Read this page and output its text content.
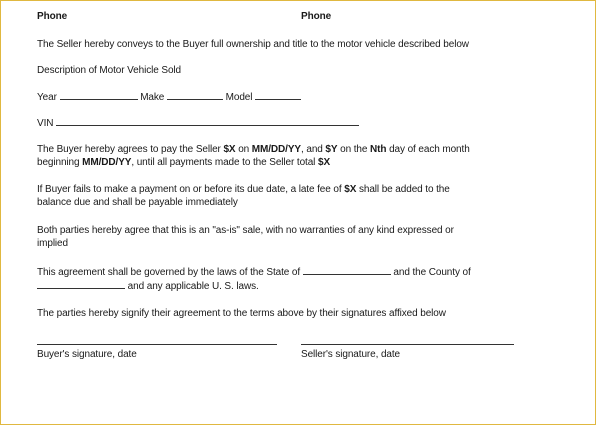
Phone	Phone
The Seller hereby conveys to the Buyer full ownership and title to the motor vehicle described below
Description of Motor Vehicle Sold
Year	Make	Model
VIN
The Buyer hereby agrees to pay the Seller $X on MM/DD/YY, and $Y on the Nth day of each month
beginning MM/DD/YY, until all payments made to the Seller total $X
If Buyer fails to make a payment on or before its due date, a late fee of $X shall be added to the
balance due and shall be payable immediately
Both parties hereby agree that this is an "as-is" sale, with no warranties of any kind expressed or
implied
This agreement shall be governed by the laws of the State of	and the County of
and any applicable U. S. laws.
The parties hereby signify their agreement to the terms above by their signatures affixed below
Buyer's signature, date	Seller's signature, date
